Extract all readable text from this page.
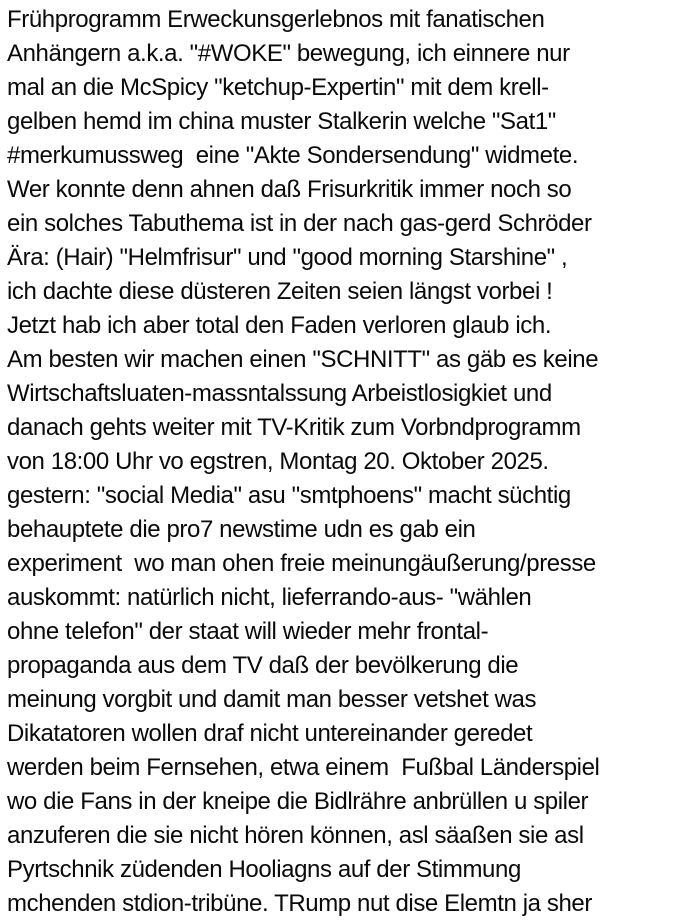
Frühprogramm Erweckunsgerlebnos mit fanatischen
Anhängern a.k.a. "#WOKE" bewegung, ich einnere nur
mal an die McSpicy "ketchup-Expertin" mit dem krell-
gelben hemd im china muster Stalkerin welche "Sat1"
#merkumussweg  eine "Akte Sondersendung" widmete.
Wer konnte denn ahnen daß Frisurkritik immer noch so
ein solches Tabuthema ist in der nach gas-gerd Schröder
Ära: (Hair) "Helmfrisur" und "good morning Starshine" ,
ich dachte diese düsteren Zeiten seien längst vorbei !
Jetzt hab ich aber total den Faden verloren glaub ich.
Am besten wir machen einen "SCHNITT" as gäb es keine
Wirtschaftsluaten-massntalssung Arbeistlosigkiet und
danach gehts weiter mit TV-Kritik zum Vorbndprogramm
von 18:00 Uhr vo egstren, Montag 20. Oktober 2025.
gestern: "social Media" asu "smtphoens" macht süchtig
behauptete die pro7 newstime udn es gab ein
experiment  wo man ohen freie meinungäußerung/presse
auskommt: natürlich nicht, lieferrando-aus- "wählen
ohne telefon" der staat will wieder mehr frontal-
propaganda aus dem TV daß der bevölkerung die
meinung vorgbit und damit man besser vetshet was
Dikatatoren wollen draf nicht untereinander geredet
werden beim Fernsehen, etwa einem  Fußbal Länderspiel
wo die Fans in der kneipe die Bidlrähre anbrüllen u spiler
anzuferen die sie nicht hören können, asl säaßen sie asl
Pyrtschnik züdenden Hooliagns auf der Stimmung
mchenden stdion-tribüne. TRump nut dise Elemtn ja sher
